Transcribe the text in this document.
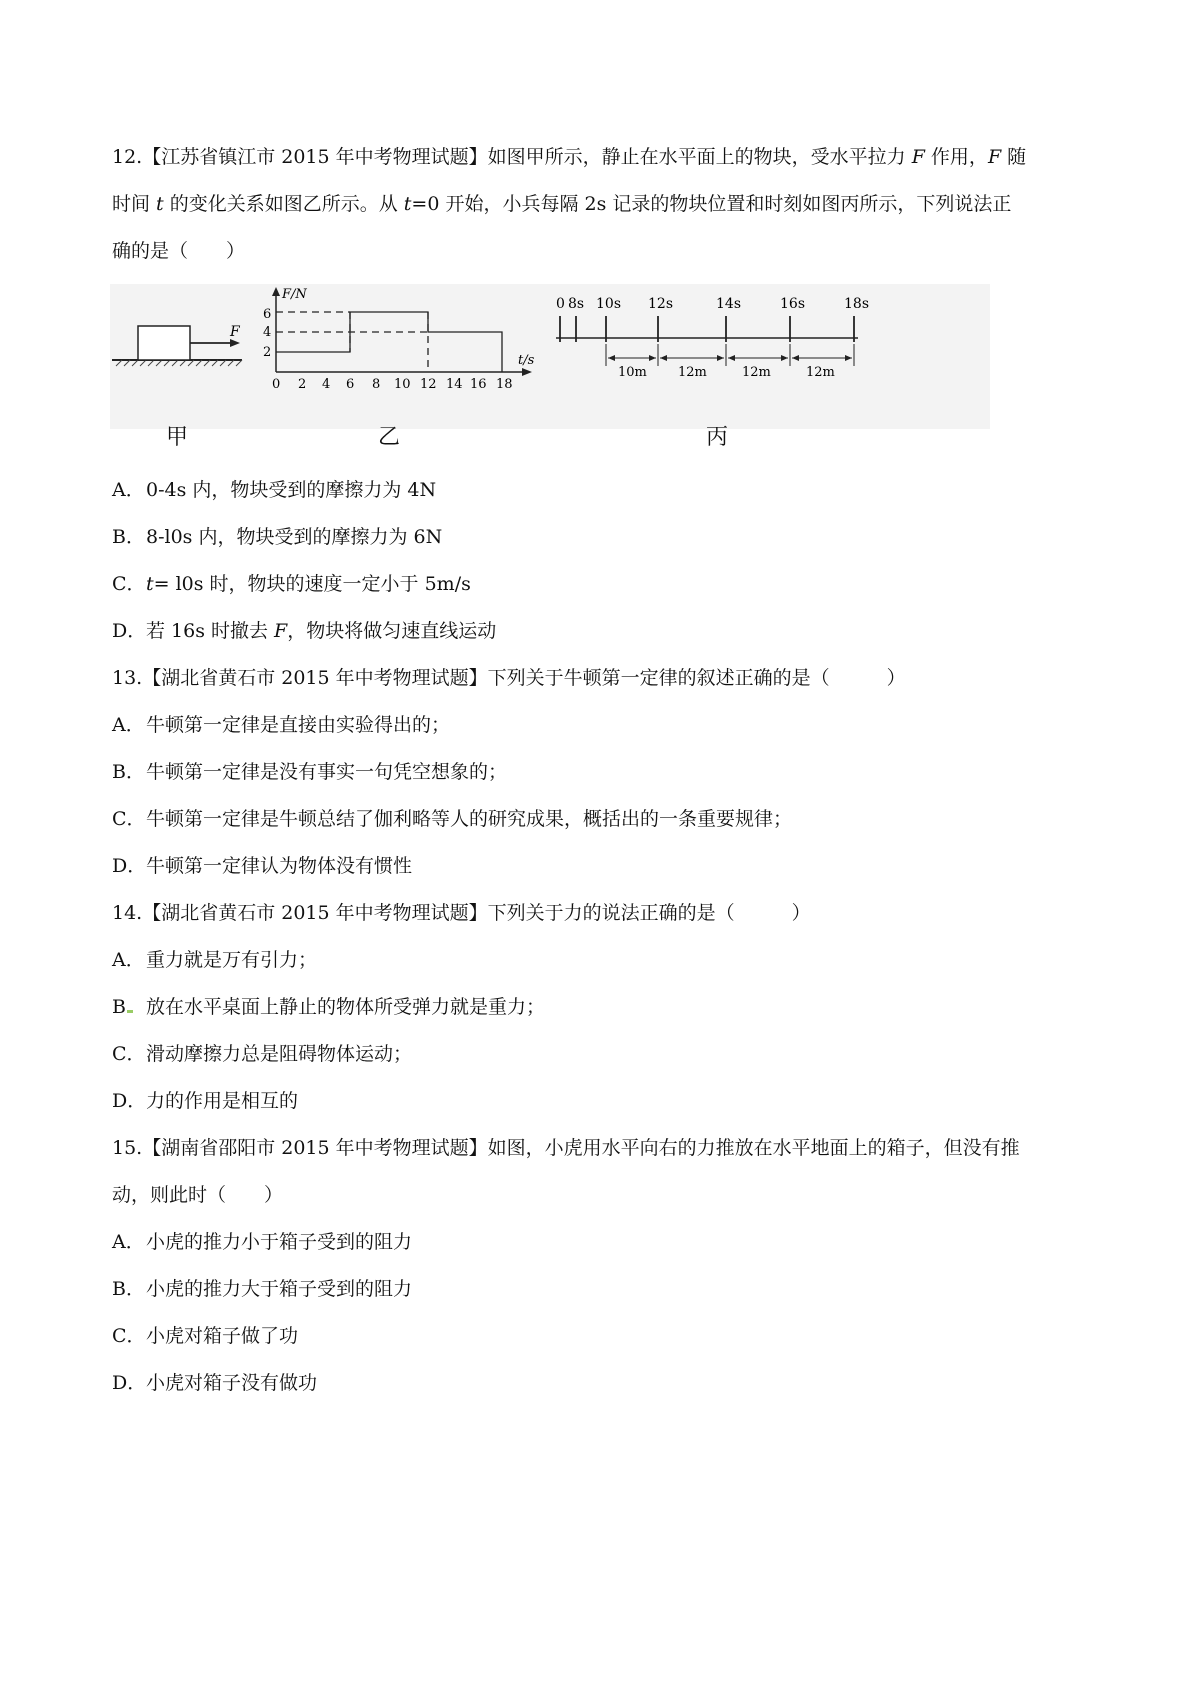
12.【江苏省镇江市 2015 年中考物理试题】如图甲所示，静止在水平面上的物块，受水平拉力 F 作用，F 随

时间 t 的变化关系如图乙所示。从 t=0 开始，小兵每隔 2s 记录的物块位置和时刻如图丙所示，下列说法正

确的是（　　）

F
F/N
t/s
6
4
2
0 2 4 6 8 10 12 14 16 18
0 8s 10s 12s	14s	16s	18s
10m 12m	12m	12m
甲	乙	丙

A．0-4s 内，物块受到的摩擦力为 4N

B．8-l0s 内，物块受到的摩擦力为 6N

C．t= l0s 时，物块的速度一定小于 5m/s

D．若 16s 时撤去 F，物块将做匀速直线运动

13.【湖北省黄石市 2015 年中考物理试题】下列关于牛顿第一定律的叙述正确的是（　　　）

A．牛顿第一定律是直接由实验得出的；

B．牛顿第一定律是没有事实一句凭空想象的；

C．牛顿第一定律是牛顿总结了伽利略等人的研究成果，概括出的一条重要规律；

D．牛顿第一定律认为物体没有惯性

14.【湖北省黄石市 2015 年中考物理试题】下列关于力的说法正确的是（　　　）

A．重力就是万有引力；

B 放在水平桌面上静止的物体所受弹力就是重力；

C．滑动摩擦力总是阻碍物体运动；

D．力的作用是相互的

15.【湖南省邵阳市 2015 年中考物理试题】如图，小虎用水平向右的力推放在水平地面上的箱子，但没有推

动，则此时（　　）

A．小虎的推力小于箱子受到的阻力

B．小虎的推力大于箱子受到的阻力

C．小虎对箱子做了功

D．小虎对箱子没有做功
